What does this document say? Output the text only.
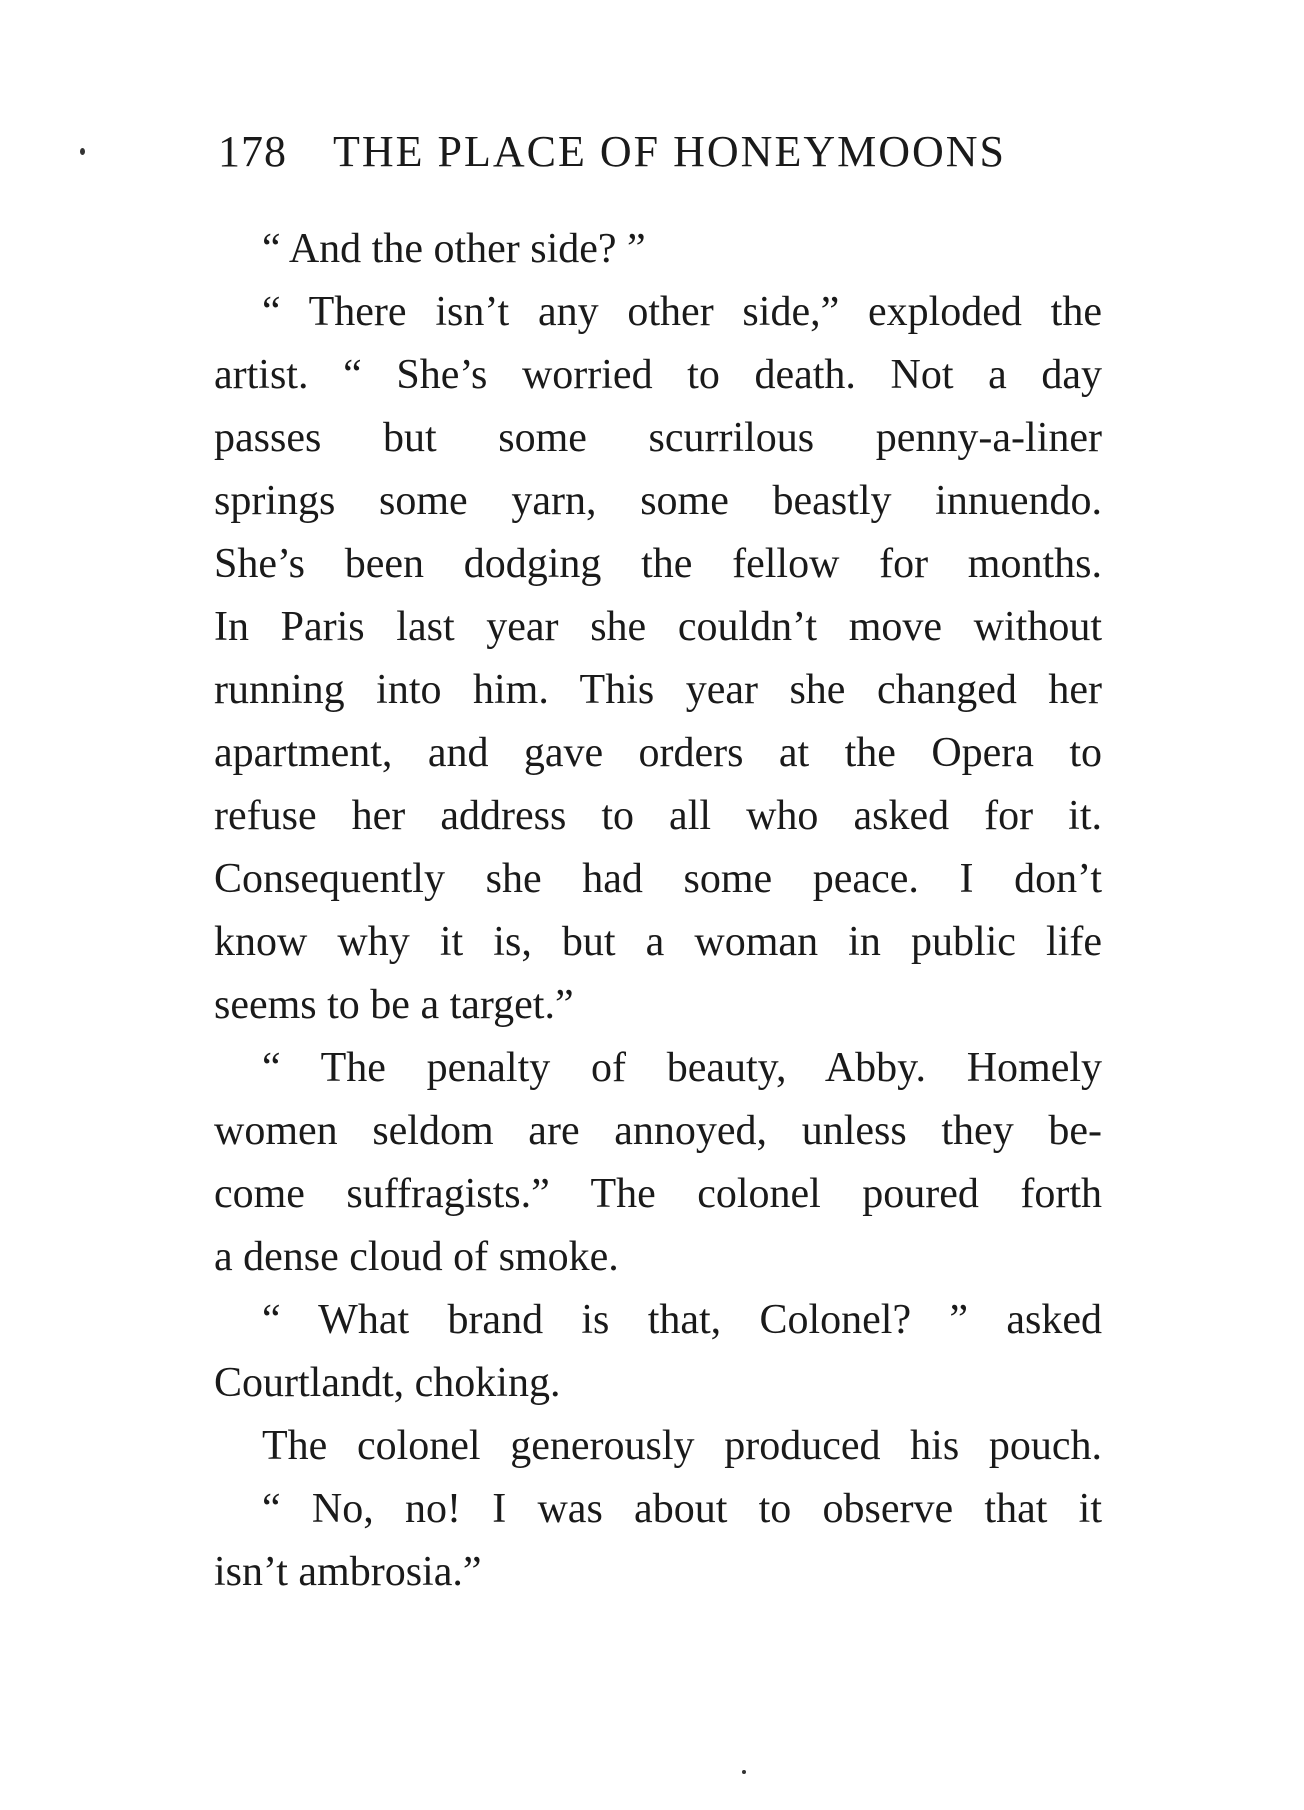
178 THE PLACE OF HONEYMOONS
“ And the other side? ”
“ There isn’t any other side,” exploded the
artist. “ She’s worried to death. Not a day
passes but some scurrilous penny-a-liner
springs some yarn, some beastly innuendo.
She’s been dodging the fellow for months.
In Paris last year she couldn’t move without
running into him. This year she changed her
apartment, and gave orders at the Opera to
refuse her address to all who asked for it.
Consequently she had some peace. I don’t
know why it is, but a woman in public life
seems to be a target.”
“ The penalty of beauty, Abby. Homely
women seldom are annoyed, unless they be-
come suffragists.” The colonel poured forth
a dense cloud of smoke.
“ What brand is that, Colonel? ” asked
Courtlandt, choking.
The colonel generously produced his pouch.
“ No, no! I was about to observe that it
isn’t ambrosia.”
